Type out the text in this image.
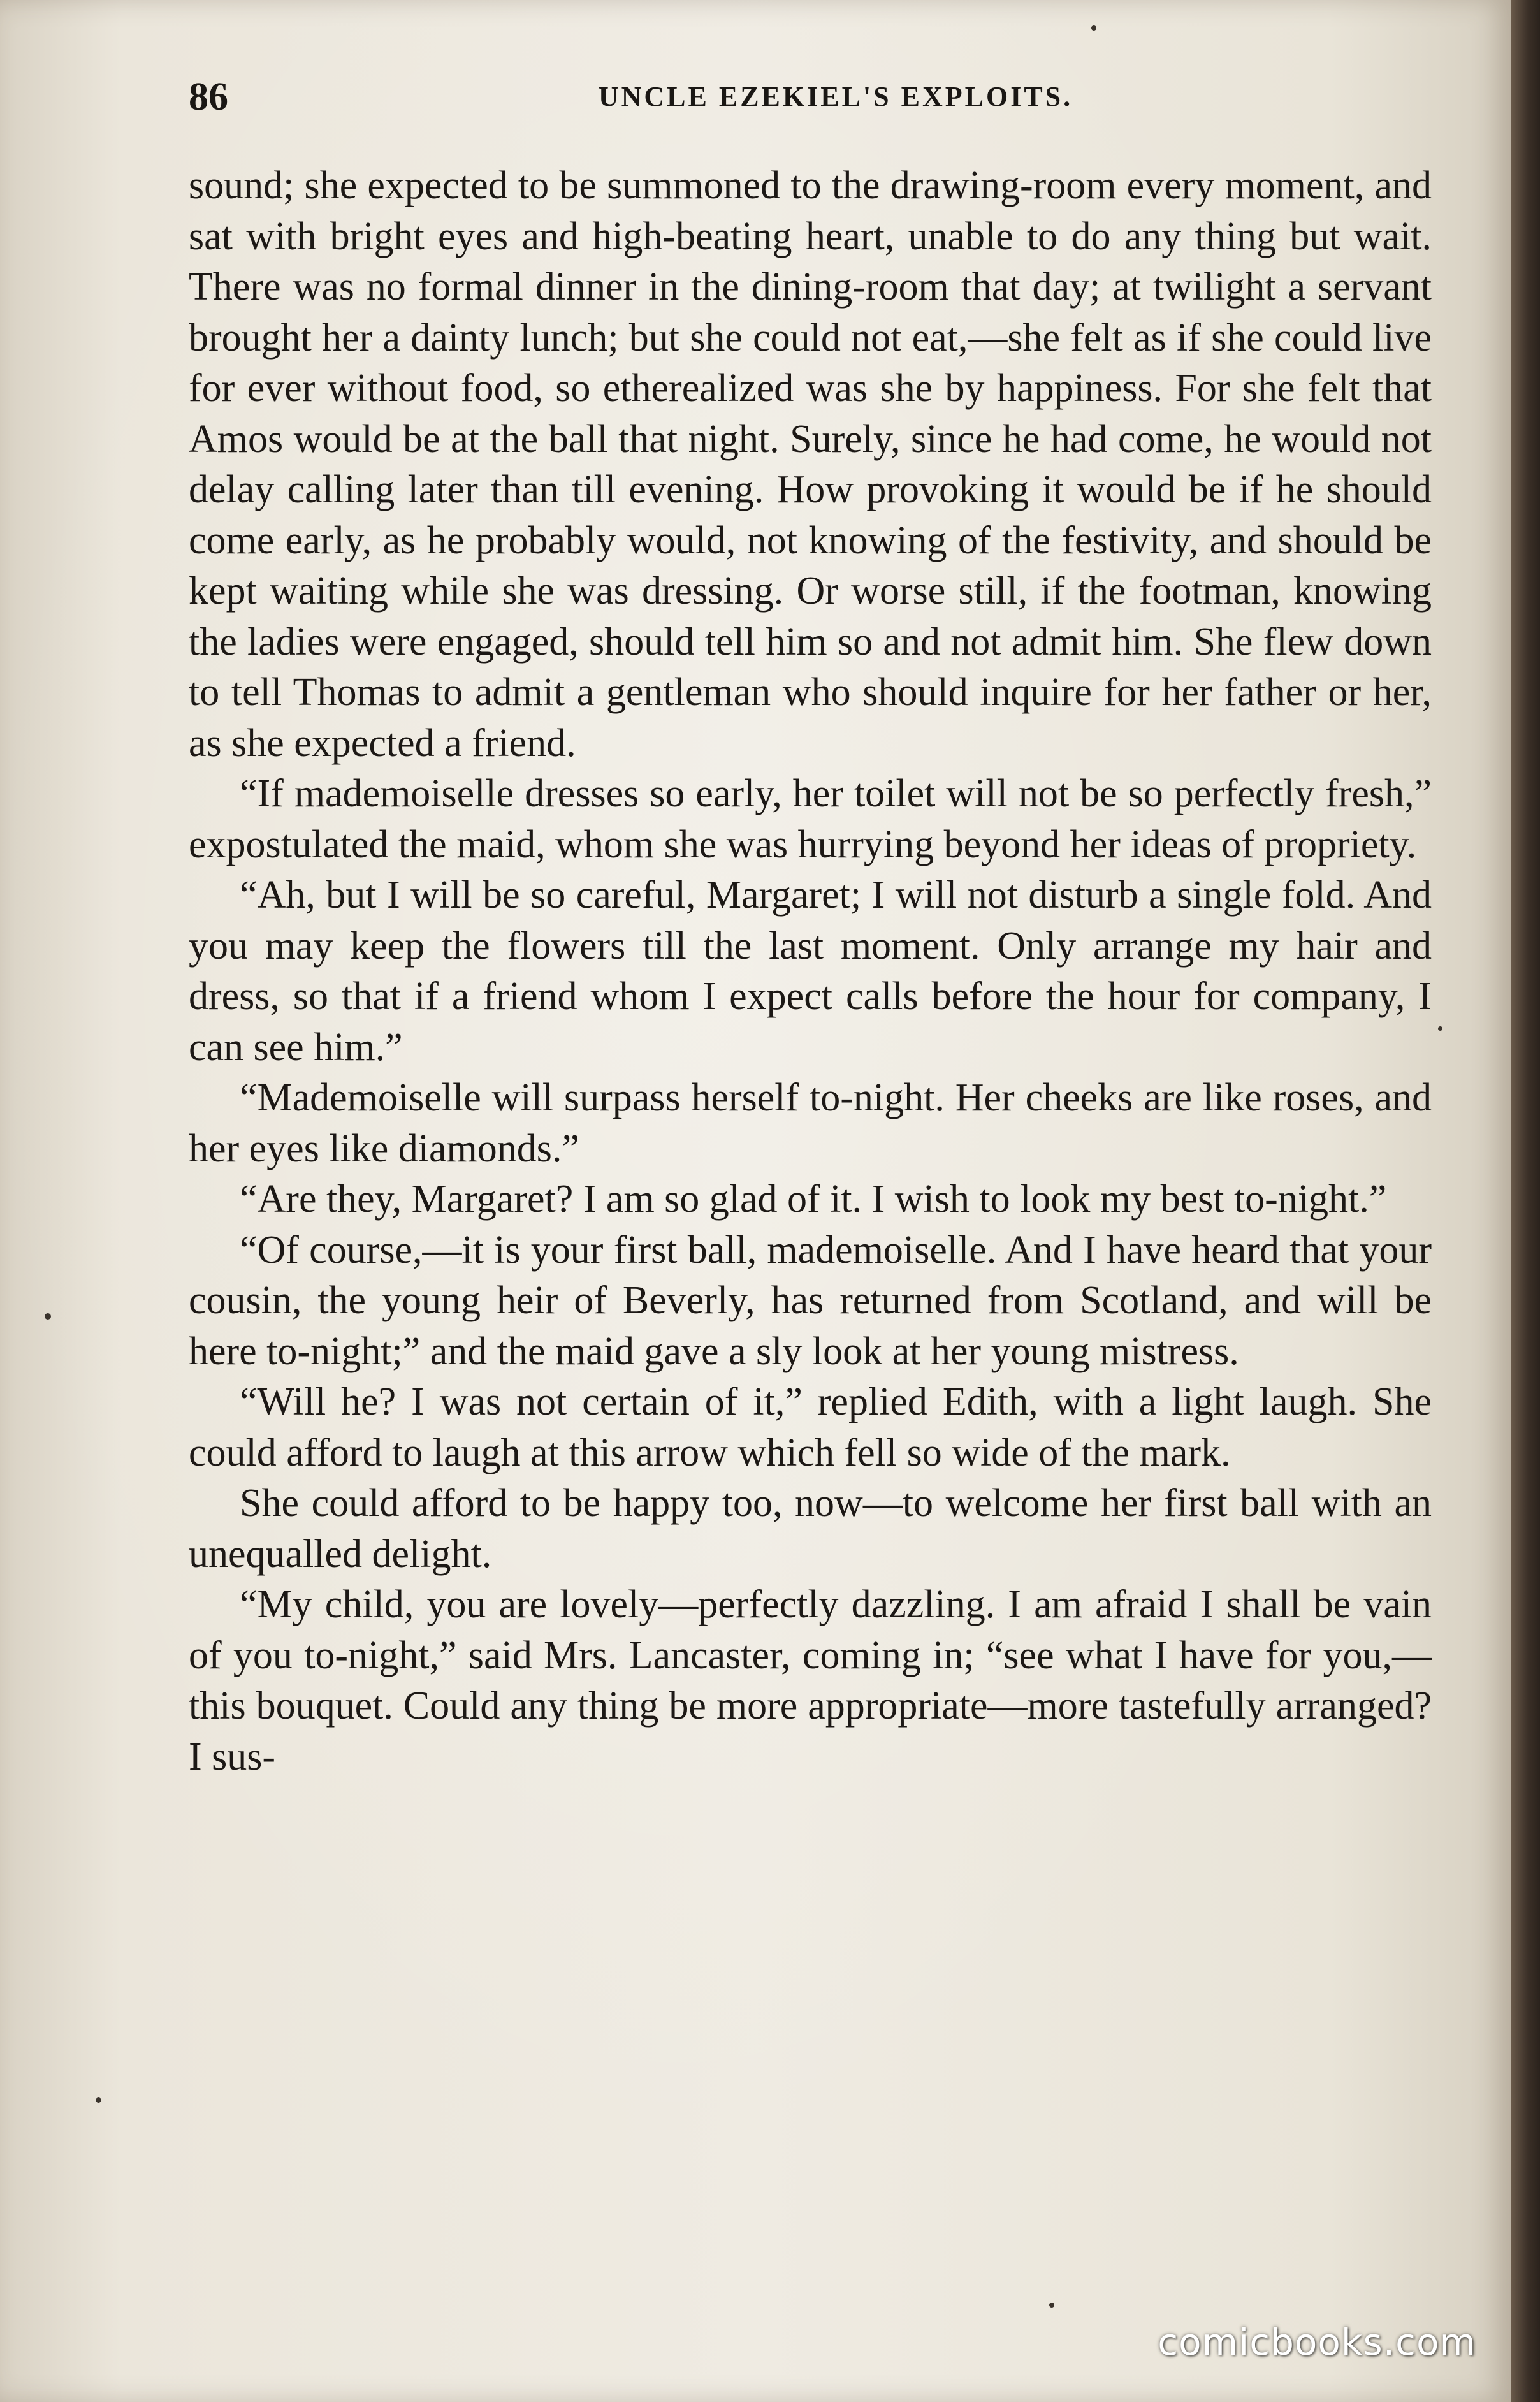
86	UNCLE EZEKIEL'S EXPLOITS.

sound; she expected to be summoned to the drawing-room every moment, and sat with bright eyes and high-beating heart, unable to do any thing but wait. There was no formal dinner in the dining-room that day; at twilight a servant brought her a dainty lunch; but she could not eat,—she felt as if she could live for ever without food, so etherealized was she by happiness. For she felt that Amos would be at the ball that night. Surely, since he had come, he would not delay calling later than till evening. How provoking it would be if he should come early, as he probably would, not knowing of the festivity, and should be kept waiting while she was dressing. Or worse still, if the footman, knowing the ladies were engaged, should tell him so and not admit him. She flew down to tell Thomas to admit a gentleman who should inquire for her father or her, as she expected a friend.

“If mademoiselle dresses so early, her toilet will not be so perfectly fresh,” expostulated the maid, whom she was hurrying beyond her ideas of propriety.

“Ah, but I will be so careful, Margaret; I will not disturb a single fold. And you may keep the flowers till the last moment. Only arrange my hair and dress, so that if a friend whom I expect calls before the hour for company, I can see him.”

“Mademoiselle will surpass herself to-night. Her cheeks are like roses, and her eyes like diamonds.”

“Are they, Margaret? I am so glad of it. I wish to look my best to-night.”

“Of course,—it is your first ball, mademoiselle. And I have heard that your cousin, the young heir of Beverly, has returned from Scotland, and will be here to-night;” and the maid gave a sly look at her young mistress.

“Will he? I was not certain of it,” replied Edith, with a light laugh. She could afford to laugh at this arrow which fell so wide of the mark.

She could afford to be happy too, now—to welcome her first ball with an unequalled delight.

“My child, you are lovely—perfectly dazzling. I am afraid I shall be vain of you to-night,” said Mrs. Lancaster, coming in; “see what I have for you,—this bouquet. Could any thing be more appropriate—more tastefully arranged? I sus-

comicbooks.com
